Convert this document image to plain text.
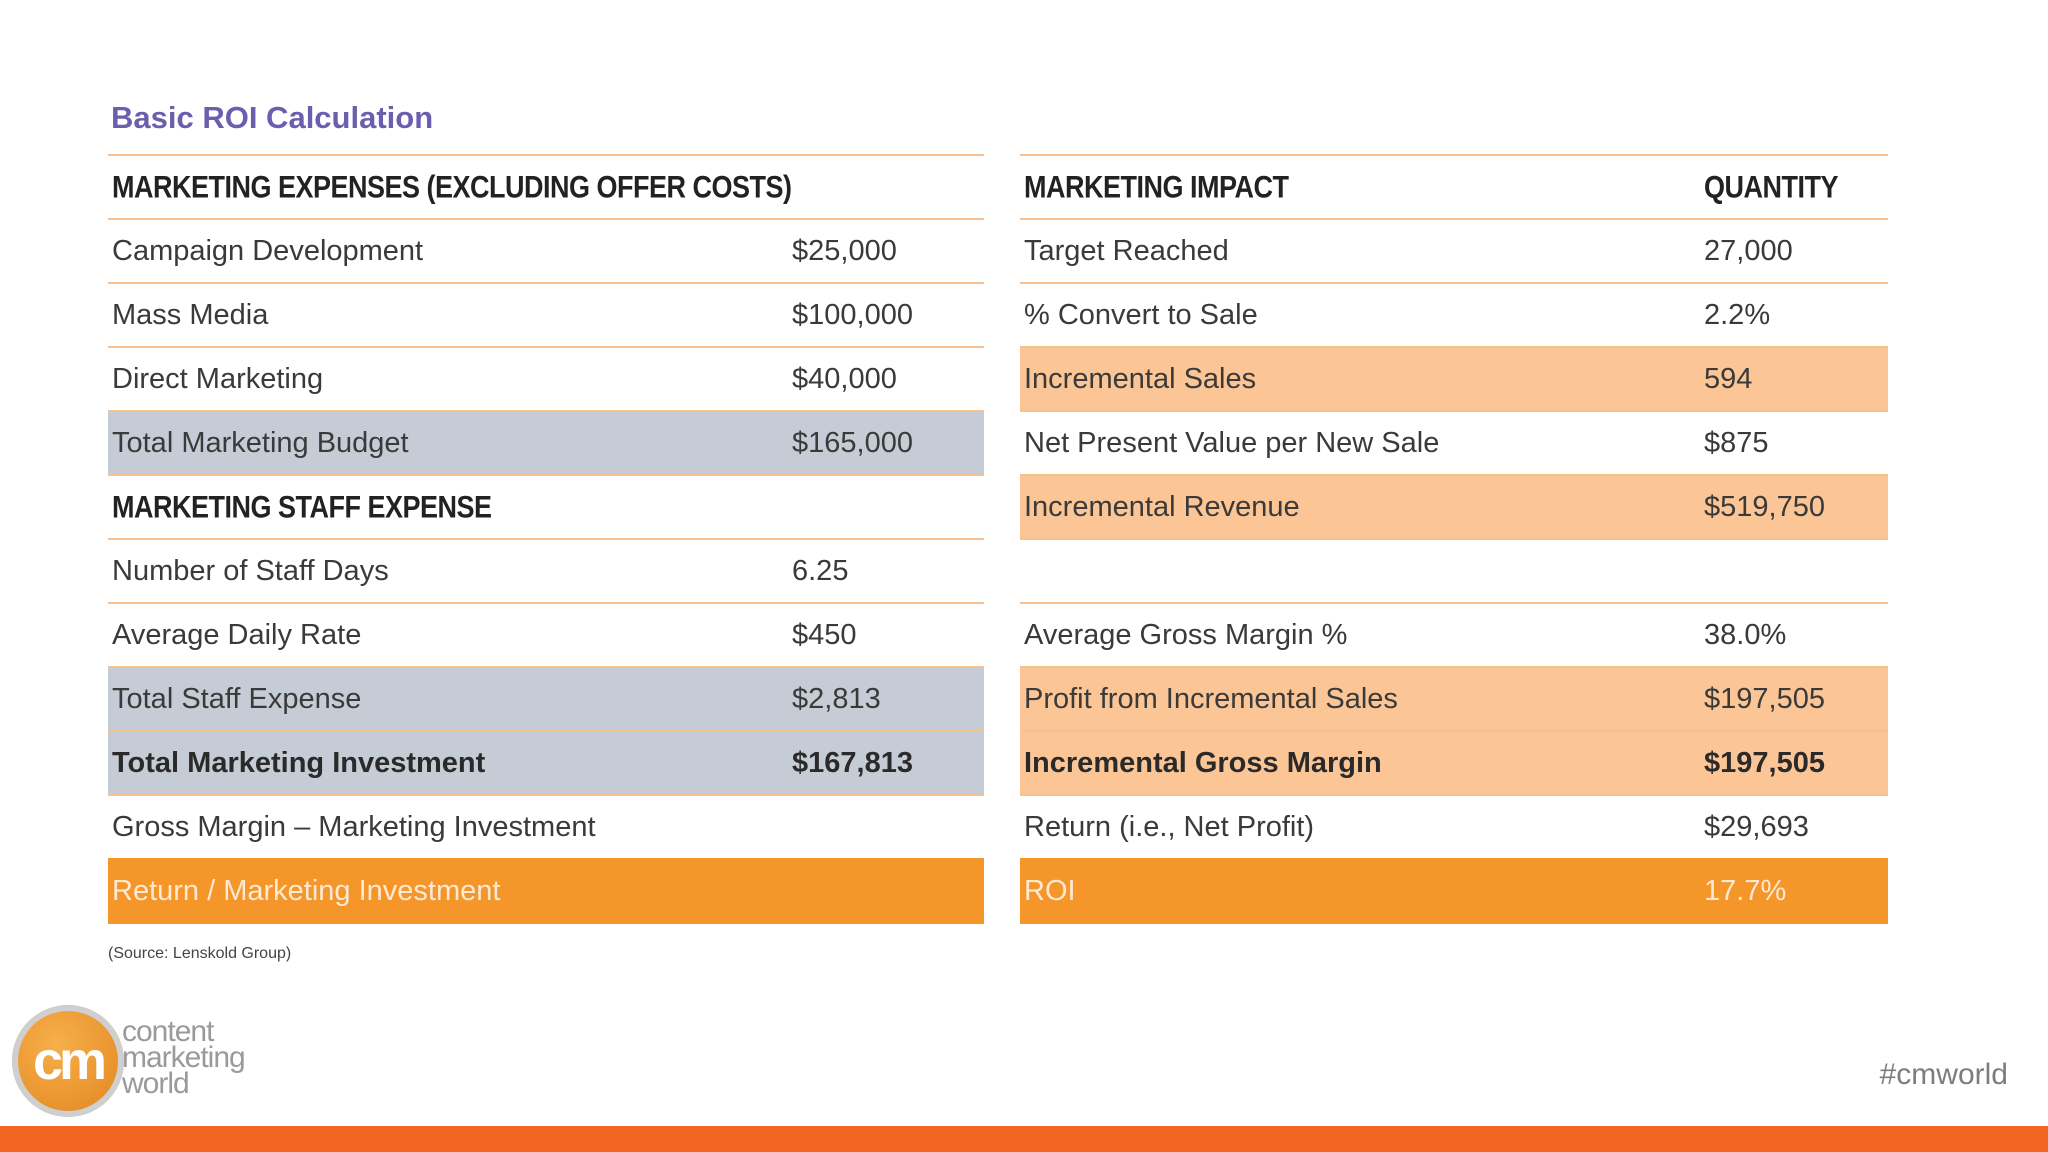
Basic ROI Calculation
MARKETING EXPENSES (EXCLUDING OFFER COSTS)
Campaign Development	$25,000
Mass Media	$100,000
Direct Marketing	$40,000
Total Marketing Budget	$165,000
MARKETING STAFF EXPENSE
Number of Staff Days	6.25
Average Daily Rate	$450
Total Staff Expense	$2,813
Total Marketing Investment	$167,813
Gross Margin – Marketing Investment
Return / Marketing Investment
MARKETING IMPACT	QUANTITY
Target Reached	27,000
% Convert to Sale	2.2%
Incremental Sales	594
Net Present Value per New Sale	$875
Incremental Revenue	$519,750
Average Gross Margin %	38.0%
Profit from Incremental Sales	$197,505
Incremental Gross Margin	$197,505
Return (i.e., Net Profit)	$29,693
ROI	17.7%
(Source: Lenskold Group)
cm content
marketing
world	#cmworld
